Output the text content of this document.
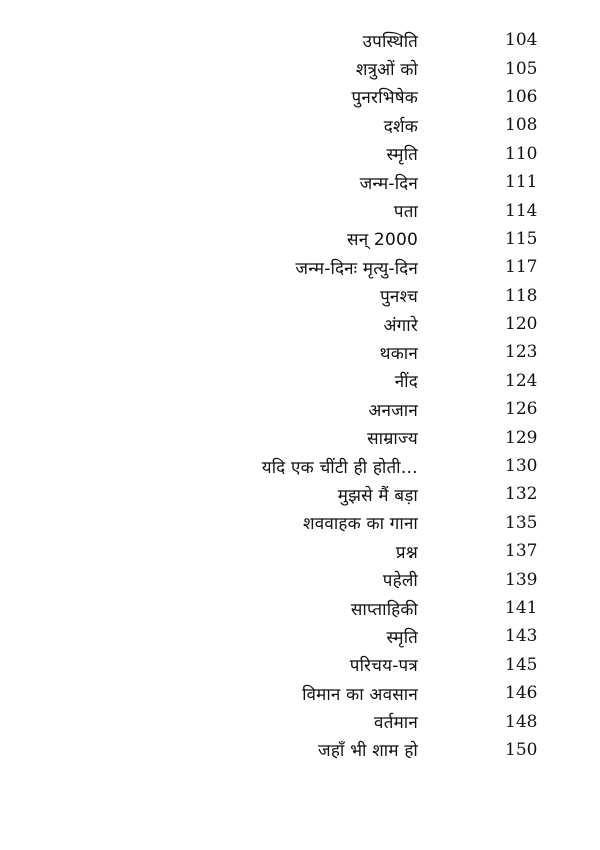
उपस्थिति	104
शत्रुओं को	105
पुनरभिषेक	106
दर्शक	108
स्मृति	110
जन्म-दिन	111
पता	114
सन् 2000	115
जन्म-दिनः मृत्यु-दिन	117
पुनश्च	118
अंगारे	120
थकान	123
नींद	124
अनजान	126
साम्राज्य	129
यदि एक चींटी ही होती…	130
मुझसे मैं बड़ा	132
शववाहक का गाना	135
प्रश्न	137
पहेली	139
साप्ताहिकी	141
स्मृति	143
परिचय-पत्र	145
विमान का अवसान	146
वर्तमान	148
जहाँ भी शाम हो	150
